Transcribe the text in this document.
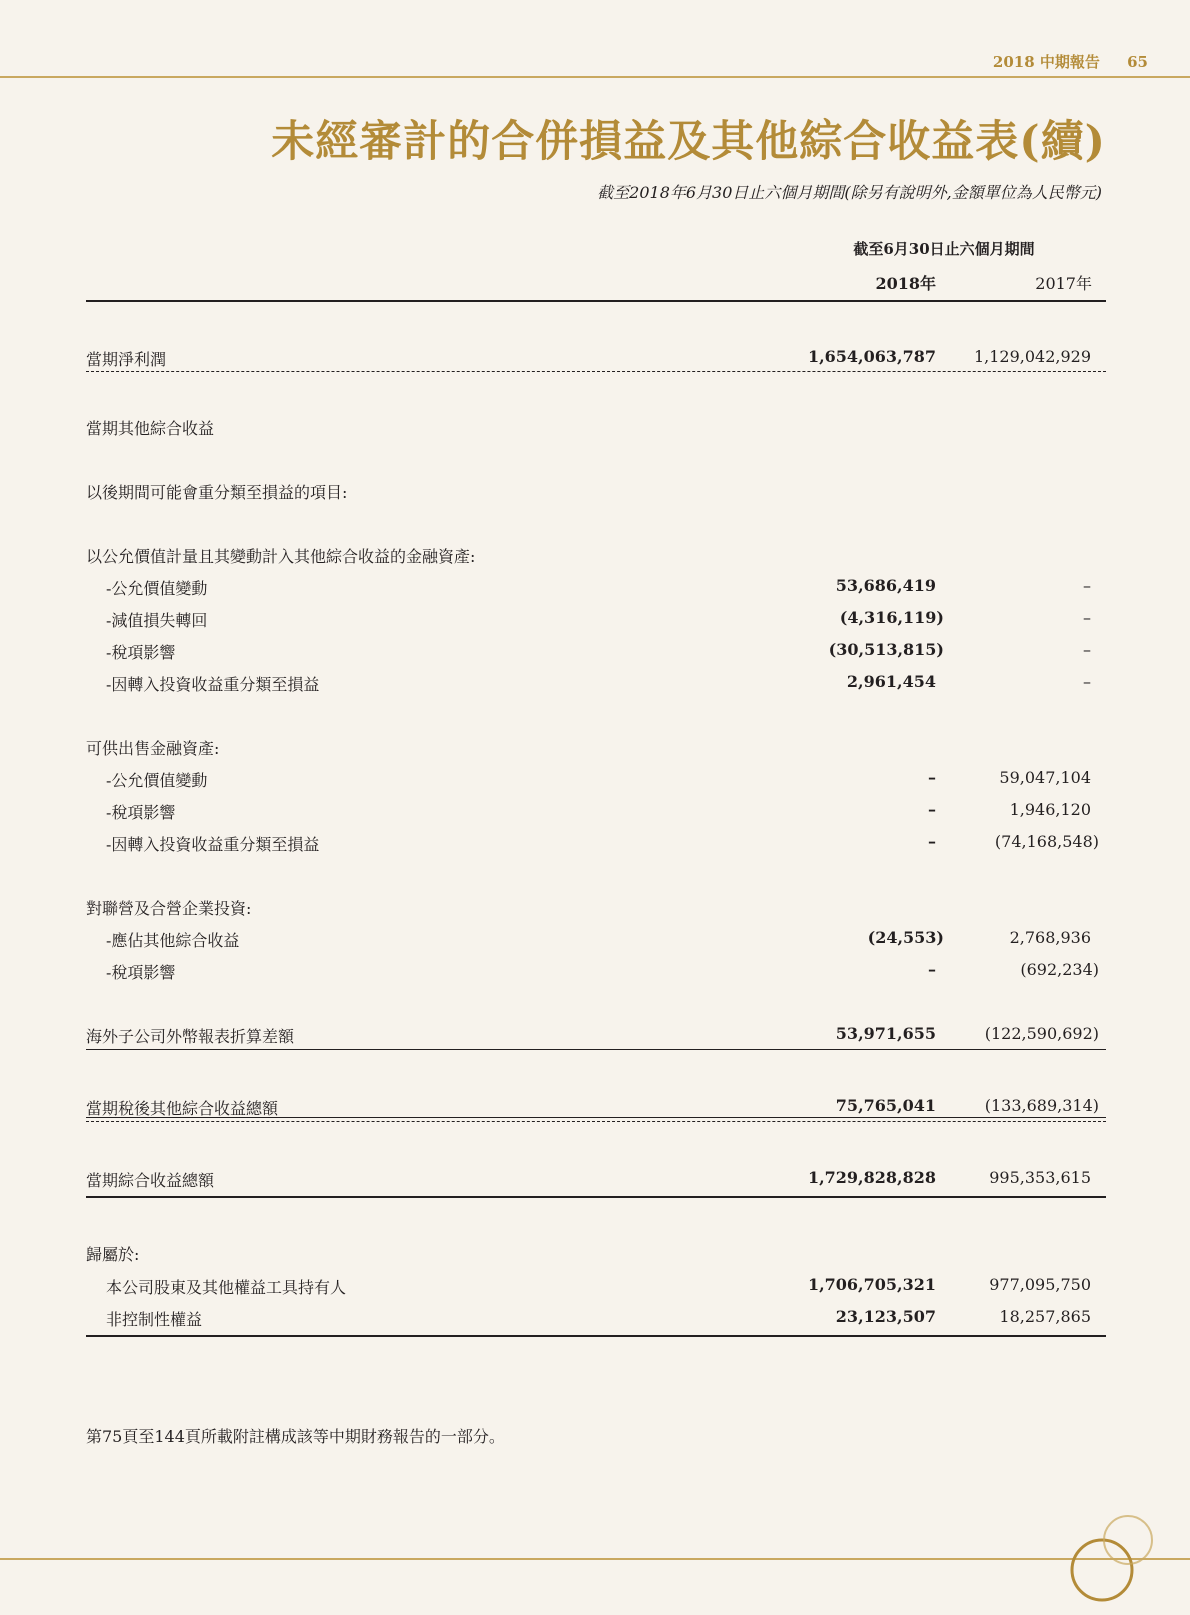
2018 中期報告 65
未經審計的合併損益及其他綜合收益表(續)
截至2018年6月30日止六個月期間(除另有說明外,金額單位為人民幣元)
截至6月30日止六個月期間
2018年	2017年
當期淨利潤	1,654,063,787 1,129,042,929
當期其他綜合收益
以後期間可能會重分類至損益的項目:
以公允價值計量且其變動計入其他綜合收益的金融資產:
-公允價值變動	53,686,419	–
-減值損失轉回	(4,316,119)	–
-稅項影響	(30,513,815)	–
-因轉入投資收益重分類至損益	2,961,454	–
可供出售金融資產:
-公允價值變動	–	59,047,104
-稅項影響	–	1,946,120
-因轉入投資收益重分類至損益	–	(74,168,548)
對聯營及合營企業投資:
-應佔其他綜合收益	(24,553)	2,768,936
-稅項影響	–	(692,234)
海外子公司外幣報表折算差額	53,971,655	(122,590,692)
當期稅後其他綜合收益總額	75,765,041	(133,689,314)
當期綜合收益總額	1,729,828,828	995,353,615
歸屬於:
本公司股東及其他權益工具持有人	1,706,705,321	977,095,750
非控制性權益	23,123,507	18,257,865
第75頁至144頁所載附註構成該等中期財務報告的一部分。
